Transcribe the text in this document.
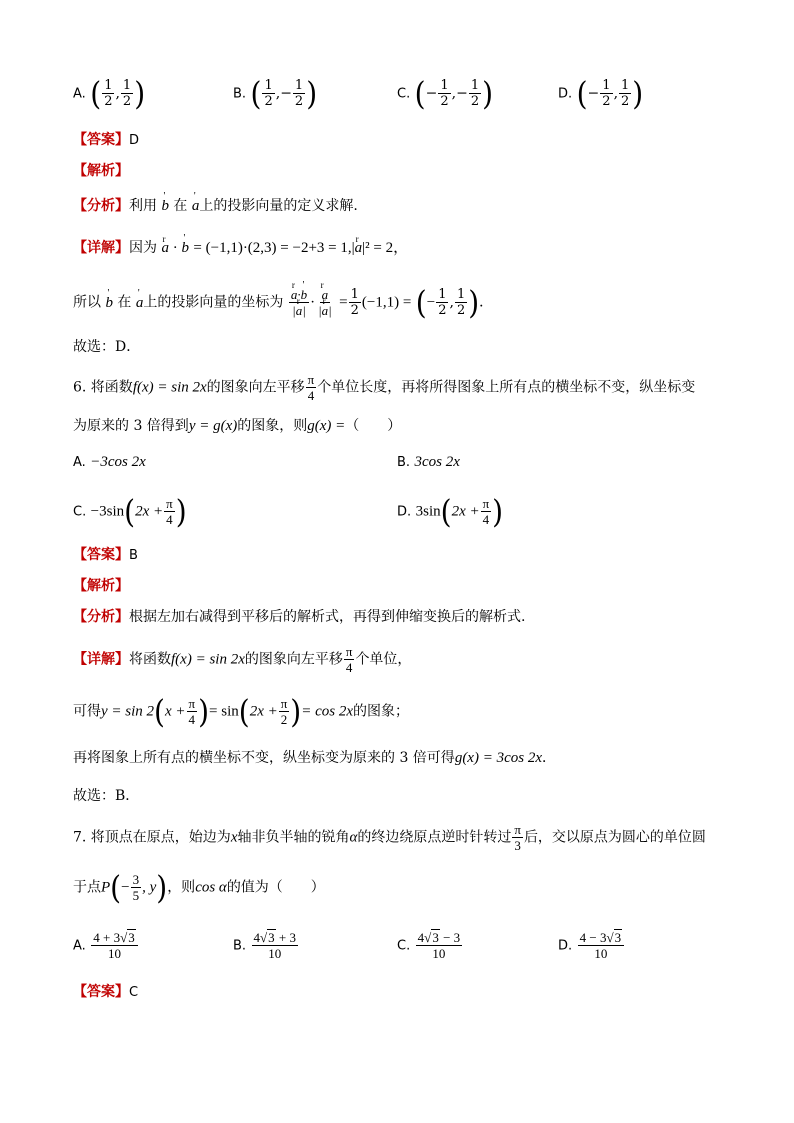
A. ( $\frac{1}{2}$ , $\frac{1}{2}$ )	B. ( $\frac{1}{2}$ ,− $\frac{1}{2}$ )	C. (− $\frac{1}{2}$ ,− $\frac{1}{2}$ )	D. (− $\frac{1}{2}$ , $\frac{1}{2}$ )
【答案】D
【解析】
【分析】利用 ' b 在 ' a上的投影向量的定义求解.
【详解】因为 r a · ' b = (−1,1)·(2,3) = −2+3 = 1,|r a|² = 2，
所以 ' b 在 ' a上的投影向量的坐标为
r $\frac{a\cdot' b}{\text{|r a|}}$ ·
r $\frac{a}{\text{|r a|}} = \frac{1}{2} (-1,1)$ = (− $\frac{1}{2}$ , $\frac{1}{2}$ )．
故选：D．
6. 将函数f(x) = sin 2x的图象向左平移 $\frac{\pi}{4}$ 个单位长度，再将所得图象上所有点的横坐标不变，纵坐标变
为原来的 3 倍得到y = g(x)的图象，则g(x) =（　　）
A. −3cos 2x	B. 3cos 2x
C. $-3\sin(2x + \frac{\pi}{4}$ )	D. $3\sin(2x + \frac{\pi}{4}$ )
【答案】B
【解析】
【分析】根据左加右减得到平移后的解析式，再得到伸缩变换后的解析式.
【详解】将函数f(x) = sin 2x的图象向左平移 $\frac{\pi}{4}$ 个单位，
可得$y = \sin 2(x + \frac{\pi}{4}$ )= $\sin(2x + \frac{\pi}{2}$ )= cos 2x的图象；
再将图象上所有点的横坐标不变，纵坐标变为原来的 3 倍可得g(x) = 3cos 2x．
故选：B．
7. 将顶点在原点，始边为x轴非负半轴的锐角α的终边绕原点逆时针转过 $\frac{\pi}{3}$ 后，交以原点为圆心的单位圆
于点$P(- \frac{3}{5}$ , y)，则cos α的值为（　　）
A. $\frac{4 + 3√3}{10}$	B. $\frac{4√3 + 3}{10}$	C. $\frac{4√3 - 3}{10}$	D. $\frac{4 - 3√3}{10}$
【答案】C
